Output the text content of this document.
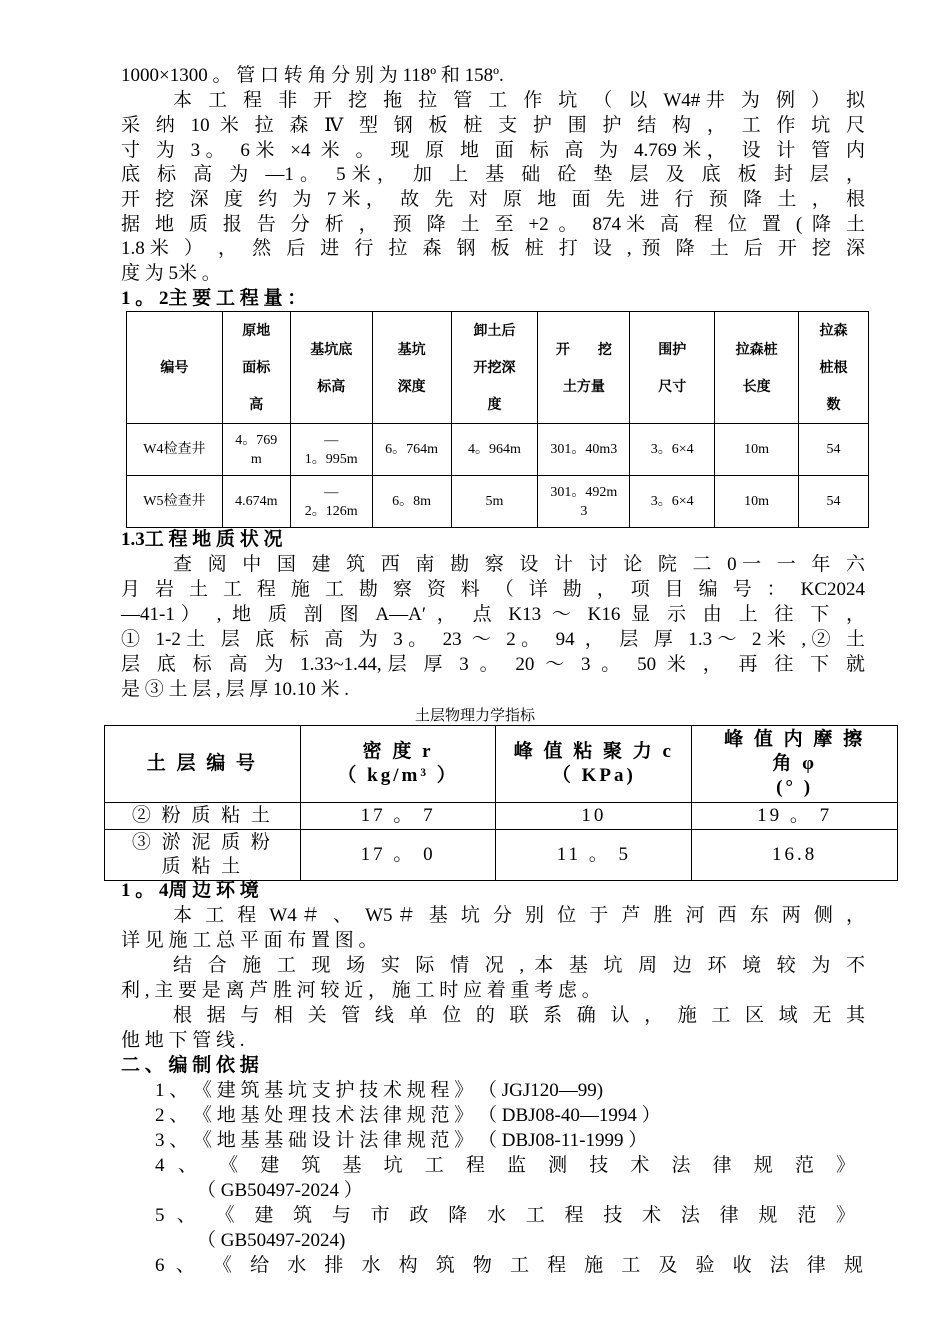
1000×1300 。 管 口 转 角 分 别 为 118º 和 158º.
本 工 程 非 开 挖 拖 拉 管 工 作 坑 （ 以 W4#井 为 例 ） 拟
采 纳 10 米 拉 森 Ⅳ 型 钢 板 桩 支 护 围 护 结 构 ， 工 作 坑 尺
寸 为 3。 6米 ×4 米 。 现 原 地 面 标 高 为 4.769米， 设 计 管 内
底 标 高 为 —1。 5米， 加 上 基 础 砼 垫 层 及 底 板 封 层 ，
开 挖 深 度 约 为 7米， 故 先 对 原 地 面 先 进 行 预 降 土 ， 根
据 地 质 报 告 分 析 ， 预 降 土 至 +2 。 874米 高 程 位 置 ( 降 土
1.8米 ） ， 然 后 进 行 拉 森 钢 板 桩 打 设 , 预 降 土 后 开 挖 深
度 为 5米 。
1 。 2主 要 工 程 量 ：
编号	原地
面标
高	基坑底
标高	基坑
深度	卸土后
开挖深
度	开　　挖
土方量	围护
尺寸	拉森桩
长度	拉森
桩根
数

W4检查井	4。769
m	—
1。995m	6。764m	4。964m	301。40m3	3。6×4	10m	54

W5检查井	4.674m	—
2。126m	6。8m	5m	301。492m
3	3。6×4	10m	54
1.3工 程 地 质 状 况
查 阅 中 国 建 筑 西 南 勘 察 设 计 讨 论 院 二 0一 一 年 六
月 岩 土 工 程 施 工 勘 察 资 料 （ 详 勘 ， 项 目 编 号 ： KC2024
—41-1） , 地 质 剖 图 A—A′ ， 点 K13 ～ K16 显 示 由 上 往 下 ，
① 1-2土 层 底 标 高 为 3。 23 ～ 2。 94 ， 层 厚 1.3～ 2米 ,② 土
层 底 标 高 为 1.33~1.44,层 厚 3 。 20 ～ 3 。 50 米 ， 再 往 下 就
是 ③ 土 层 , 层 厚 10.10 米 .
土层物理力学指标
土 层 编 号	密 度 r
（ kg/m³ ）	峰 值 粘 聚 力 c
（ KPa)	峰 值 内 摩 擦
角 φ
(° )

② 粉 质 粘 土	17 。 7	10	19 。 7

③ 淤 泥 质 粉
质 粘 土	17 。 0	11 。 5	16.8
1 。 4周 边 环 境
本 工 程 W4＃ 、 W5＃ 基 坑 分 别 位 于 芦 胜 河 西 东 两 侧 ，
详 见 施 工 总 平 面 布 置 图 。
结 合 施 工 现 场 实 际 情 况 , 本 基 坑 周 边 环 境 较 为 不
利 , 主 要 是 离 芦 胜 河 较 近 ， 施 工 时 应 着 重 考 虑 。
根 据 与 相 关 管 线 单 位 的 联 系 确 认 ， 施 工 区 域 无 其
他 地 下 管 线 .
二 、 编 制 依 据
1 、 《 建 筑 基 坑 支 护 技 术 规 程 》 （ JGJ120—99)
2 、 《 地 基 处 理 技 术 法 律 规 范 》 （ DBJ08-40—1994 ）
3 、 《 地 基 基 础 设 计 法 律 规 范 》 （ DBJ08-11-1999 ）
4 、 《 建 筑 基 坑 工 程 监 测 技 术 法 律 规 范 》
（ GB50497-2024 ）
5 、 《 建 筑 与 市 政 降 水 工 程 技 术 法 律 规 范 》
（ GB50497-2024)
6 、 《 给 水 排 水 构 筑 物 工 程 施 工 及 验 收 法 律 规
